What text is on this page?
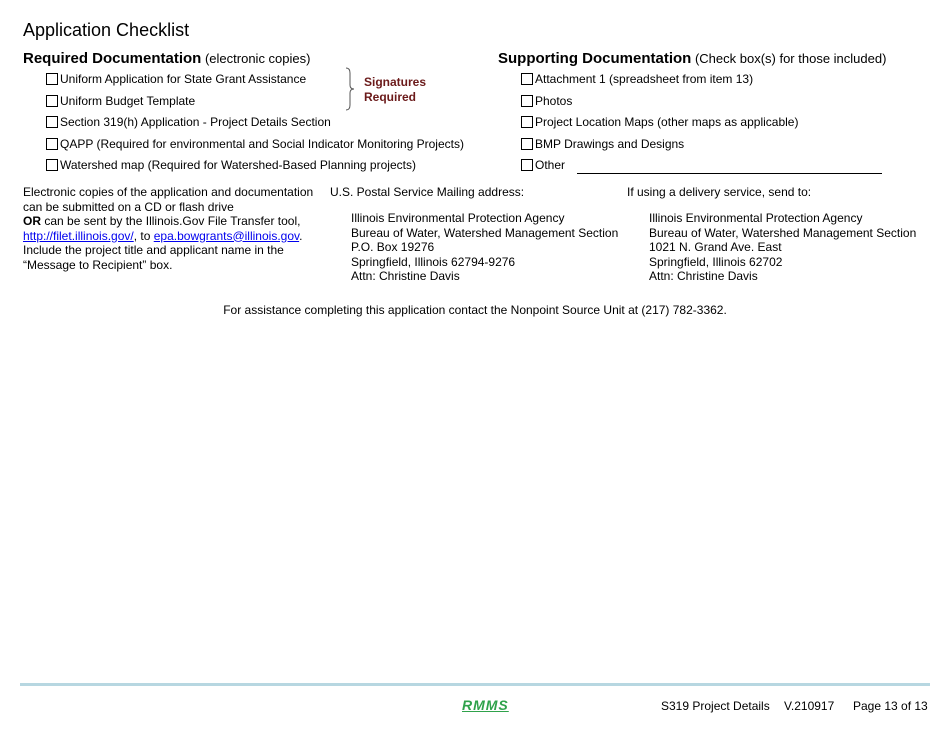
Application Checklist
Required Documentation (electronic copies)
Uniform Application for State Grant Assistance
Uniform Budget Template
Section 319(h) Application - Project Details Section
QAPP (Required for environmental and Social Indicator Monitoring Projects)
Watershed map (Required for Watershed-Based Planning projects)
Signatures
Required
Supporting Documentation (Check box(s) for those included)
Attachment 1 (spreadsheet from item 13)
Photos
Project Location Maps (other maps as applicable)
BMP Drawings and Designs
Other
Electronic copies of the application and documentation
can be submitted on a CD or flash drive
OR can be sent by the Illinois.Gov File Transfer tool,
http://filet.illinois.gov/, to epa.bowgrants@illinois.gov.
Include the project title and applicant name in the
“Message to Recipient” box.
U.S. Postal Service Mailing address:
Illinois Environmental Protection Agency
Bureau of Water, Watershed Management Section
P.O. Box 19276
Springfield, Illinois 62794-9276
Attn: Christine Davis
If using a delivery service, send to:
Illinois Environmental Protection Agency
Bureau of Water, Watershed Management Section
1021 N. Grand Ave. East
Springfield, Illinois 62702
Attn: Christine Davis
For assistance completing this application contact the Nonpoint Source Unit at (217) 782-3362.
RMMS	S319 Project Details V.210917 Page 13 of 13
